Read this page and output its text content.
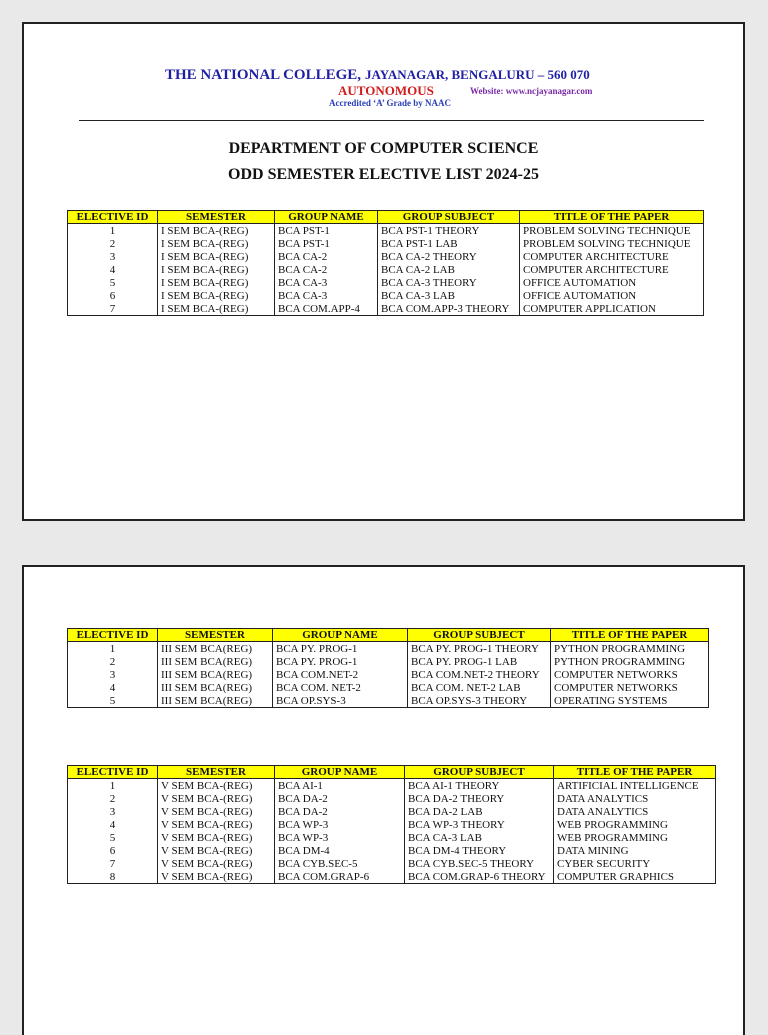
THE NATIONAL COLLEGE, JAYANAGAR, BENGALURU – 560 070
AUTONOMOUS	Website: www.ncjayanagar.com
Accredited ‘A’ Grade by NAAC
DEPARTMENT OF COMPUTER SCIENCE
ODD SEMESTER ELECTIVE LIST 2024-25
ELECTIVE ID	SEMESTER	GROUP NAME	GROUP SUBJECT	TITLE OF THE PAPER
1	I SEM BCA-(REG)	BCA PST-1	BCA PST-1 THEORY	PROBLEM SOLVING TECHNIQUE
2	I SEM BCA-(REG)	BCA PST-1	BCA PST-1 LAB	PROBLEM SOLVING TECHNIQUE
3	I SEM BCA-(REG)	BCA CA-2	BCA CA-2 THEORY	COMPUTER ARCHITECTURE
4	I SEM BCA-(REG)	BCA CA-2	BCA CA-2 LAB	COMPUTER ARCHITECTURE
5	I SEM BCA-(REG)	BCA CA-3	BCA CA-3 THEORY	OFFICE AUTOMATION
6	I SEM BCA-(REG)	BCA CA-3	BCA CA-3 LAB	OFFICE AUTOMATION
7	I SEM BCA-(REG)	BCA COM.APP-4	BCA COM.APP-3 THEORY	COMPUTER APPLICATION
ELECTIVE ID	SEMESTER	GROUP NAME	GROUP SUBJECT	TITLE OF THE PAPER
1	III SEM BCA(REG)	BCA PY. PROG-1	BCA PY. PROG-1 THEORY	PYTHON PROGRAMMING
2	III SEM BCA(REG)	BCA PY. PROG-1	BCA PY. PROG-1 LAB	PYTHON PROGRAMMING
3	III SEM BCA(REG)	BCA COM.NET-2	BCA COM.NET-2 THEORY	COMPUTER NETWORKS
4	III SEM BCA(REG)	BCA COM. NET-2	BCA COM. NET-2 LAB	COMPUTER NETWORKS
5	III SEM BCA(REG)	BCA OP.SYS-3	BCA OP.SYS-3 THEORY	OPERATING SYSTEMS
ELECTIVE ID	SEMESTER	GROUP NAME	GROUP SUBJECT	TITLE OF THE PAPER
1	V SEM BCA-(REG)	BCA AI-1	BCA AI-1 THEORY	ARTIFICIAL INTELLIGENCE
2	V SEM BCA-(REG)	BCA DA-2	BCA DA-2 THEORY	DATA ANALYTICS
3	V SEM BCA-(REG)	BCA DA-2	BCA DA-2 LAB	DATA ANALYTICS
4	V SEM BCA-(REG)	BCA WP-3	BCA WP-3 THEORY	WEB PROGRAMMING
5	V SEM BCA-(REG)	BCA WP-3	BCA CA-3 LAB	WEB PROGRAMMING
6	V SEM BCA-(REG)	BCA DM-4	BCA DM-4 THEORY	DATA MINING
7	V SEM BCA-(REG)	BCA CYB.SEC-5	BCA CYB.SEC-5 THEORY	CYBER SECURITY
8	V SEM BCA-(REG)	BCA COM.GRAP-6	BCA COM.GRAP-6 THEORY	COMPUTER GRAPHICS
